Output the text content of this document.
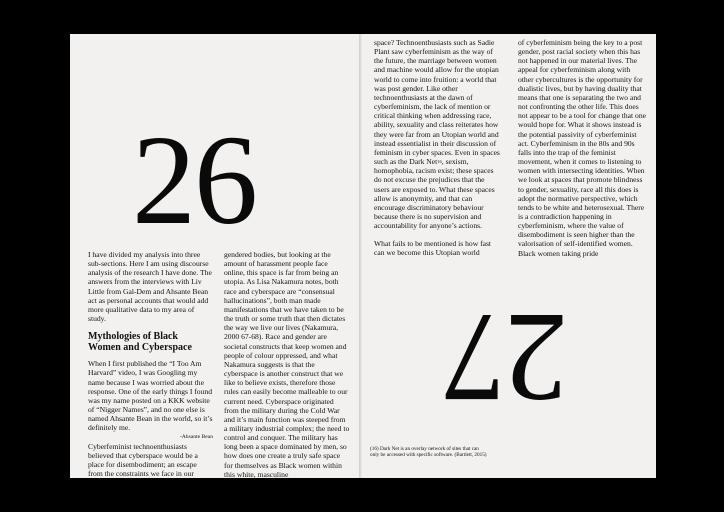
26

I have divided my analysis into three sub-sections. Here I am using discourse analysis of the research I have done. The answers from the interviews with Liv Little from Gal-Dem and Ahsante Bean act as personal accounts that would add more qualitative data to my area of study.

Mythologies of Black Women and Cyberspace

When I first published the “I Too Am Harvard” video, I was Googling my name because I was worried about the response. One of the early things I found was my name posted on a KKK website of “Nigger Names”, and no one else is named Ahsante Bean in the world, so it’s definitely me.

-Ahsante Bean

Cyberfeminist technoenthusiasts believed that cyberspace would be a place for disembodiment; an escape from the constraints we face in our

gendered bodies, but looking at the amount of harassment people face online, this space is far from being an utopia. As Lisa Nakamura notes, both race and cyberspace are “consensual hallucinations”, both man made manifestations that we have taken to be the truth or some truth that then dictates the way we live our lives (Nakamura, 2000 67-68). Race and gender are societal constructs that keep women and people of colour oppressed, and what Nakamura suggests is that the cyberspace is another construct that we like to believe exists, therefore those rules can easily become malleable to our current need. Cyberspace originated from the military during the Cold War and it’s main function was steeped from a military industrial complex; the need to control and conquer. The military has long been a space dominated by men, so how does one create a truly safe space for themselves as Black women within this white, masculine

space? Technoenthusiasts such as Sadie Plant saw cyberfeminism as the way of the future, the marriage between women and machine would allow for the utopian world to come into fruition: a world that was post gender. Like other technoenthusiasts at the dawn of cyberfeminism, the lack of mention or critical thinking when addressing race, ability, sexuality and class reiterates how they were far from an Utopian world and instead essentialist in their discussion of feminism in cyber spaces. Even in spaces such as the Dark Net$^{16}$, sexism, homophobia, racism exist; these spaces do not excuse the prejudices that the users are exposed to. What these spaces allow is anonymity, and that can encourage discriminatory behaviour because there is no supervision and accountability for anyone’s actions.

What fails to be mentioned is how fast can we become this Utopian world

of cyberfeminism being the key to a post gender, post racial society when this has not happened in our material lives. The appeal for cyberfeminism along with other cybercultures is the opportunity for dualistic lives, but by having duality that means that one is separating the two and not confronting the other life. This does not appear to be a tool for change that one would hope for. What it shows instead is the potential passivity of cyberfeminist act. Cyberfeminism in the 80s and 90s falls into the trap of the feminist movement, when it comes to listening to women with intersecting identities. When we look at spaces that promote blindness to gender, sexuality, race all this does is adopt the normative perspective, which tends to be white and heterosexual. There is a contradiction happening in cyberfeminism, where the value of disembodiment is seen higher than the valorisation of self-identified women. Black women taking pride

27
(16) Dark Net is an overlay network of sites that can only be accessed with specific software. (Bartlett, 2015)
